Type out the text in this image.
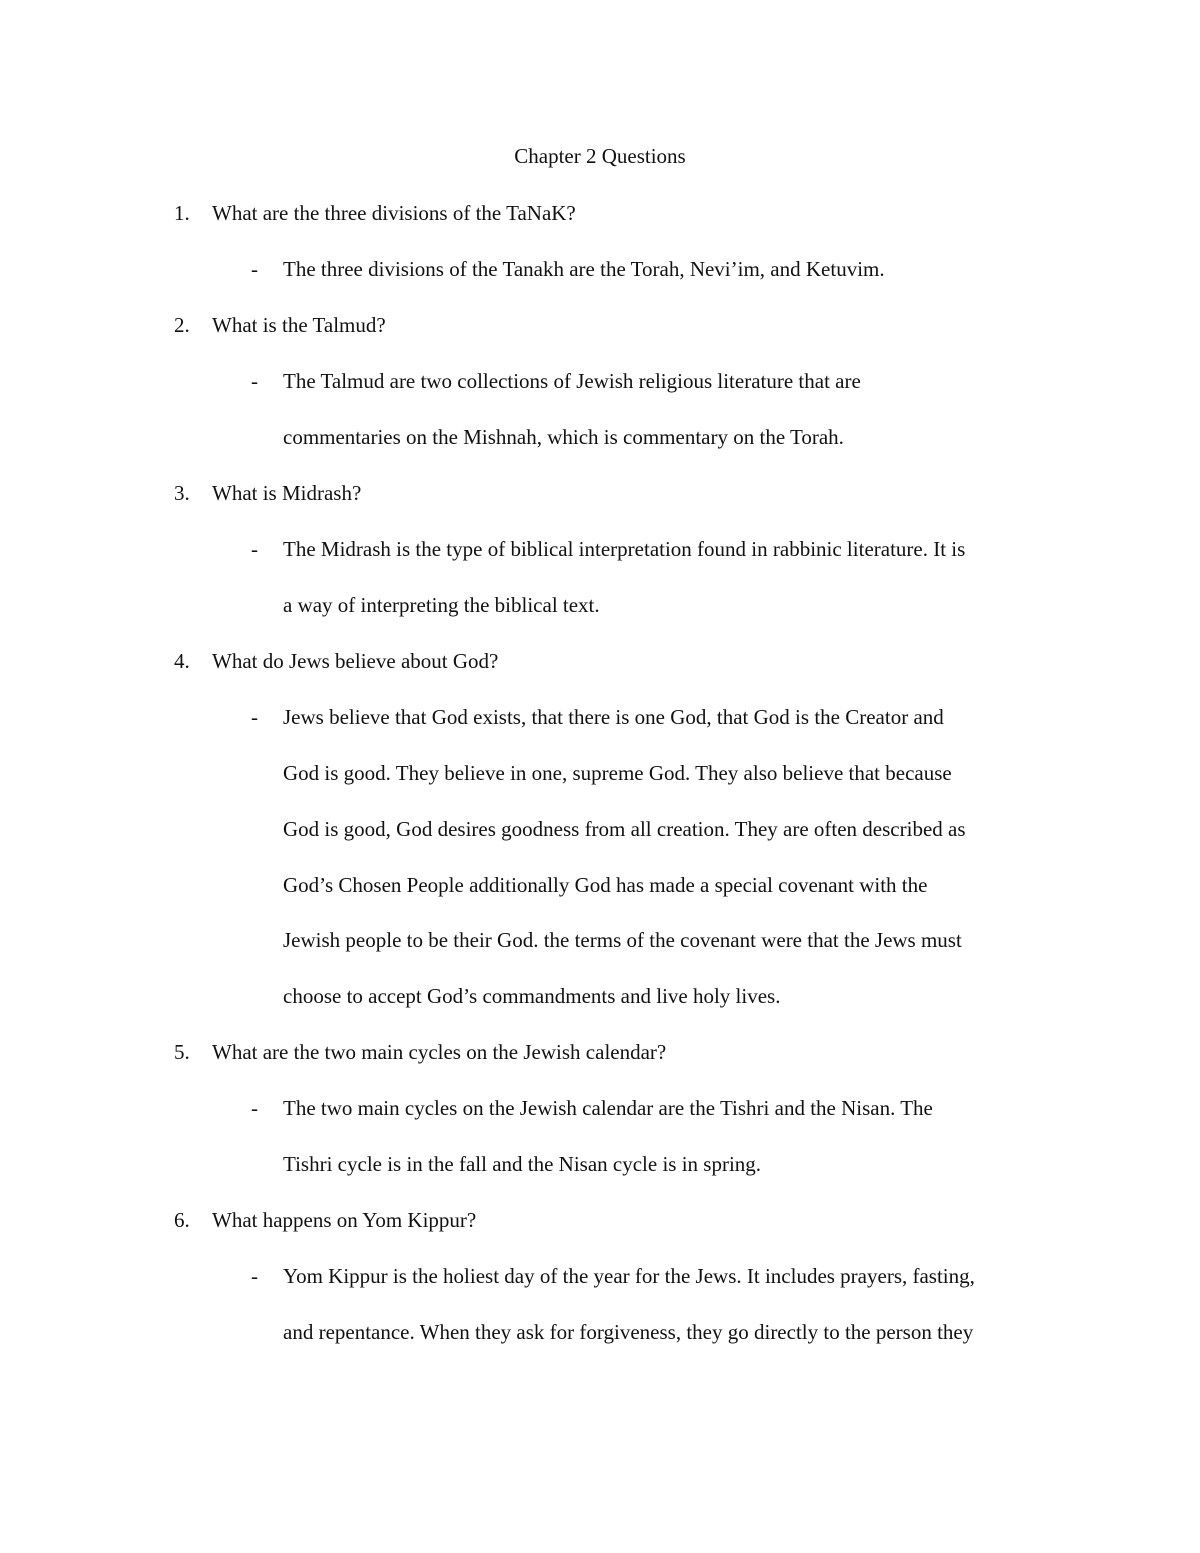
Chapter 2 Questions
1. What are the three divisions of the TaNaK?
- The three divisions of the Tanakh are the Torah, Nevi’im, and Ketuvim.
2. What is the Talmud?
- The Talmud are two collections of Jewish religious literature that are
commentaries on the Mishnah, which is commentary on the Torah.
3. What is Midrash?
- The Midrash is the type of biblical interpretation found in rabbinic literature. It is
a way of interpreting the biblical text.
4. What do Jews believe about God?
- Jews believe that God exists, that there is one God, that God is the Creator and
God is good. They believe in one, supreme God. They also believe that because
God is good, God desires goodness from all creation. They are often described as
God’s Chosen People additionally God has made a special covenant with the
Jewish people to be their God. the terms of the covenant were that the Jews must
choose to accept God’s commandments and live holy lives.
5. What are the two main cycles on the Jewish calendar?
- The two main cycles on the Jewish calendar are the Tishri and the Nisan. The
Tishri cycle is in the fall and the Nisan cycle is in spring.
6. What happens on Yom Kippur?
- Yom Kippur is the holiest day of the year for the Jews. It includes prayers, fasting,
and repentance. When they ask for forgiveness, they go directly to the person they
